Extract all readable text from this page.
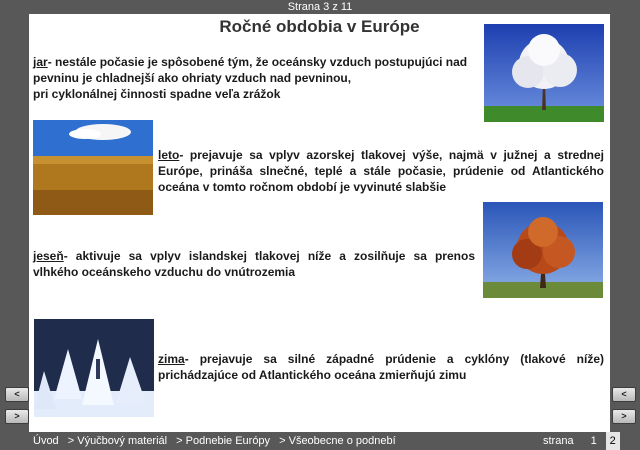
Strana 3 z 11
Ročné obdobia v Európe

jar- nestále počasie je spôsobené tým, že oceánsky vzduch postupujúci nad pevninu je chladnejší ako ohriaty vzduch nad pevninou,
pri cyklonálnej činnosti spadne veľa zrážok

leto- prejavuje sa vplyv azorskej tlakovej výše, najmä v južnej a strednej Európe, prináša slnečné, teplé a stále počasie, prúdenie od Atlantického oceána v tomto ročnom období je vyvinuté slabšie

jeseň- aktivuje sa vplyv islandskej tlakovej níže a zosilňuje sa prenos vlhkého oceánskeho vzduchu do vnútrozemia

zima- prejavuje sa silné západné prúdenie a cyklóny (tlakové níže) prichádzajúce od Atlantického oceána zmierňujú zimu

<
>
<
>
Úvod > Výučbový materiál > Podnebie Európy > Všeobecne o podnebí	strana 1 2
